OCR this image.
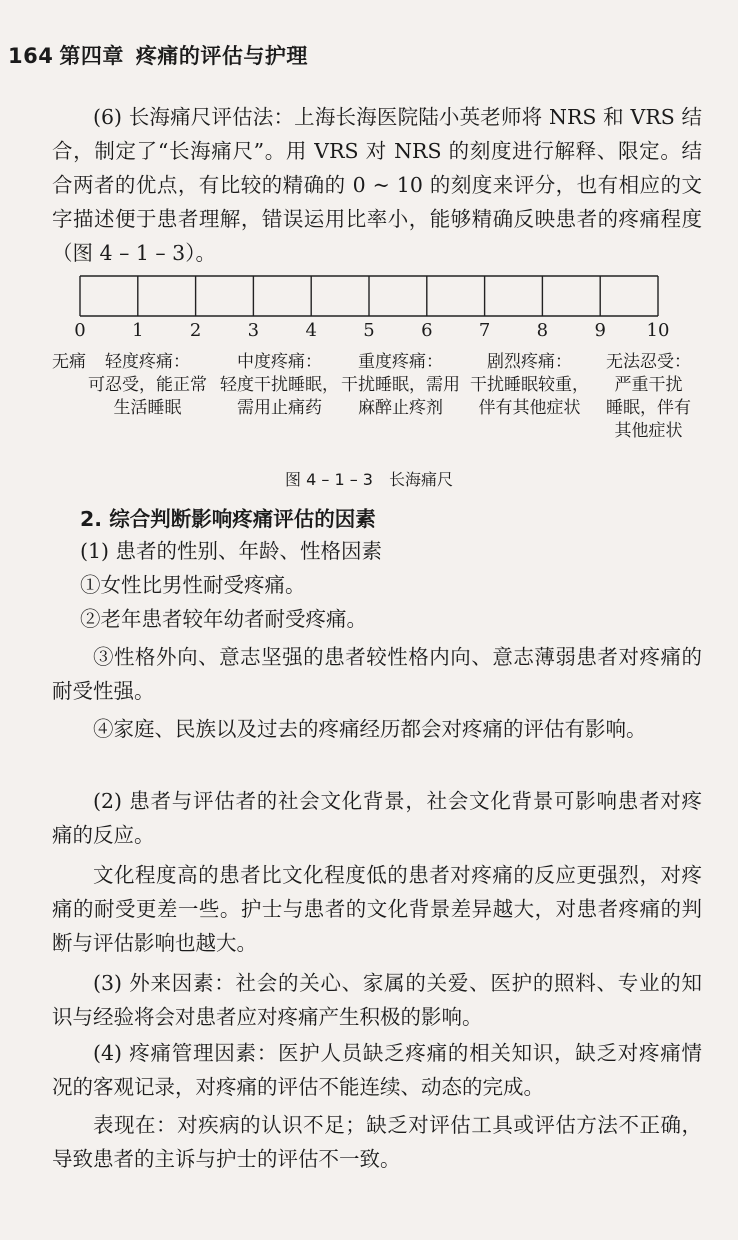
164 第四章 疼痛的评估与护理

(6) 长海痛尺评估法：上海长海医院陆小英老师将 NRS 和 VRS 结合，制定了“长海痛尺”。用 VRS 对 NRS 的刻度进行解释、限定。结合两者的优点，有比较的精确的 0 ~ 10 的刻度来评分，也有相应的文字描述便于患者理解，错误运用比率小，能够精确反映患者的疼痛程度（图 4 – 1 – 3）。

0	1	2	3	4	5	6	7	8	9 10
无痛	轻度疼痛：
可忍受，能正常
生活睡眠
中度疼痛：
轻度干扰睡眠，
需用止痛药
重度疼痛：
干扰睡眠，需用
麻醉止疼剂
剧烈疼痛：
干扰睡眠较重，
伴有其他症状
无法忍受：
严重干扰
睡眠，伴有
其他症状
图 4 – 1 – 3　长海痛尺
2. 综合判断影响疼痛评估的因素
(1) 患者的性别、年龄、性格因素
①女性比男性耐受疼痛。
②老年患者较年幼者耐受疼痛。

③性格外向、意志坚强的患者较性格内向、意志薄弱患者对疼痛的耐受性强。

④家庭、民族以及过去的疼痛经历都会对疼痛的评估有影响。

(2) 患者与评估者的社会文化背景，社会文化背景可影响患者对疼痛的反应。

文化程度高的患者比文化程度低的患者对疼痛的反应更强烈，对疼痛的耐受更差一些。护士与患者的文化背景差异越大，对患者疼痛的判断与评估影响也越大。

(3) 外来因素：社会的关心、家属的关爱、医护的照料、专业的知识与经验将会对患者应对疼痛产生积极的影响。

(4) 疼痛管理因素：医护人员缺乏疼痛的相关知识，缺乏对疼痛情况的客观记录，对疼痛的评估不能连续、动态的完成。

表现在：对疾病的认识不足；缺乏对评估工具或评估方法不正确，导致患者的主诉与护士的评估不一致。
